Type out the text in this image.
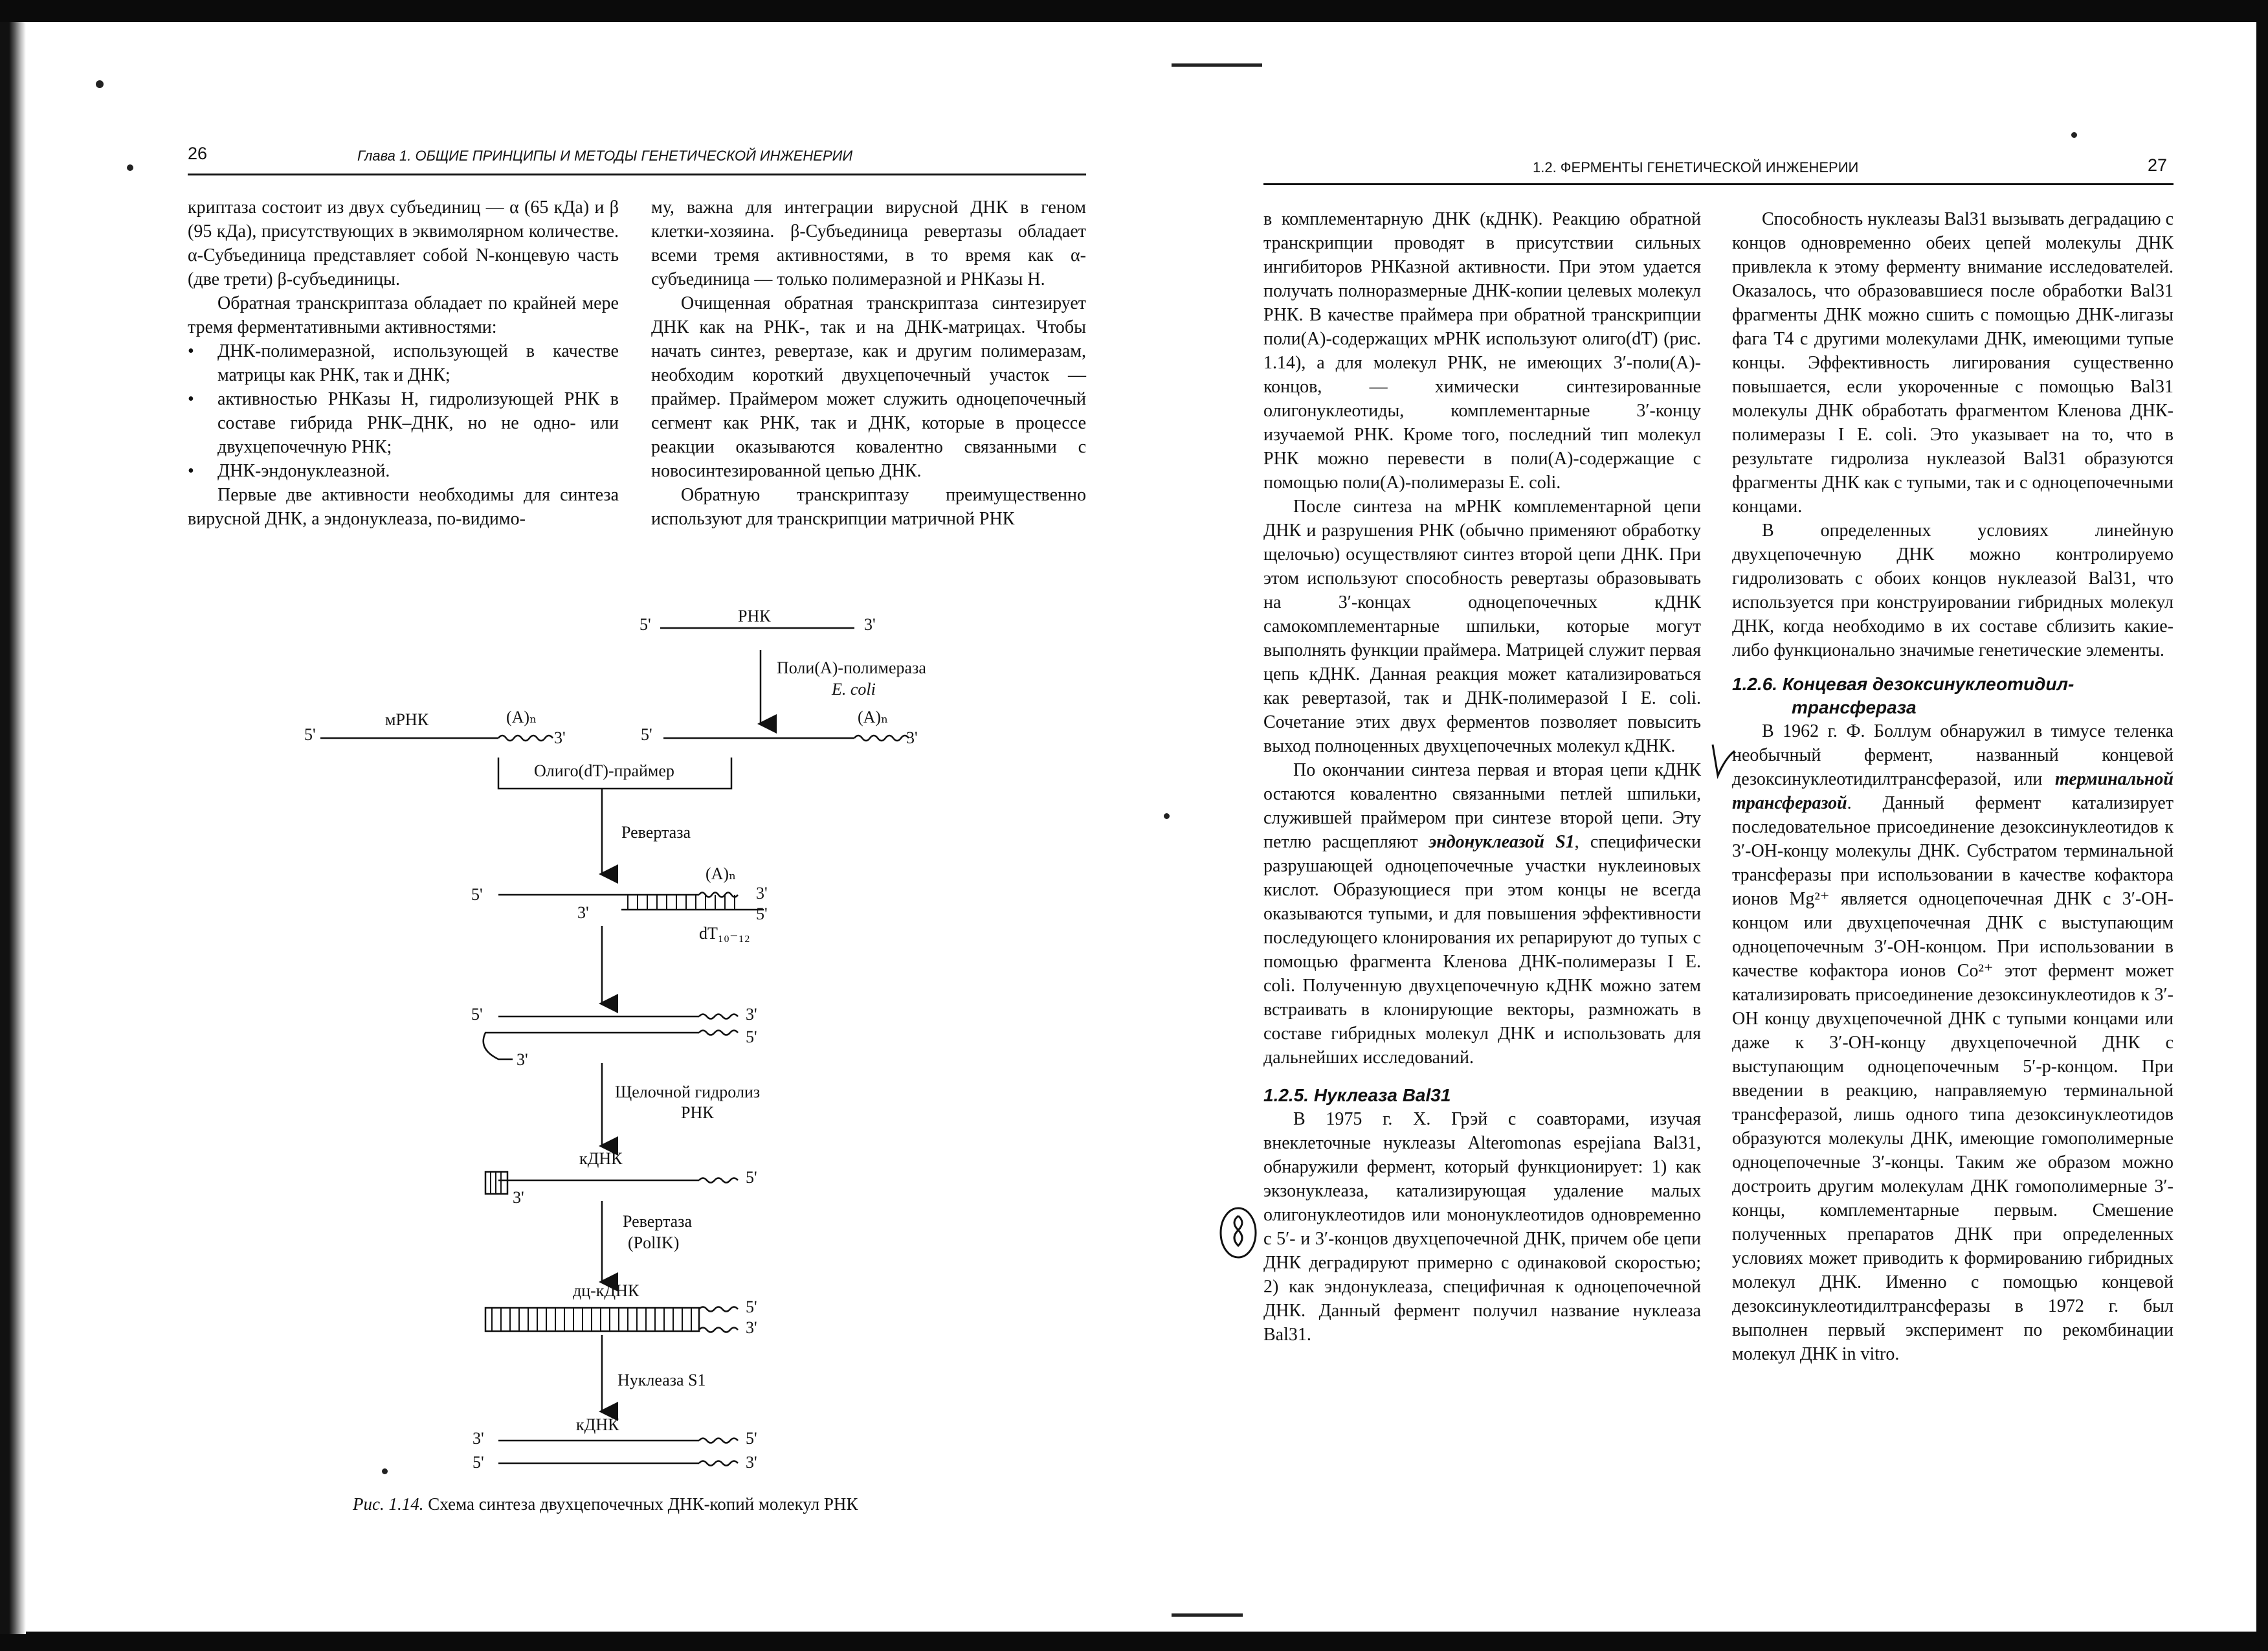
26	Глава 1. ОБЩИЕ ПРИНЦИПЫ И МЕТОДЫ ГЕНЕТИЧЕСКОЙ ИНЖЕНЕРИИ

криптаза состоит из двух субъединиц — α (65 кДа) и β (95 кДа), присутствующих в эквимолярном количестве. α-Субъединица представляет собой N-концевую часть (две трети) β-субъединицы.

Обратная транскриптаза обладает по крайней мере тремя ферментативными активностями:

• ДНК-полимеразной, использующей в качестве матрицы как РНК, так и ДНК;
• активностью РНКазы H, гидролизующей РНК в составе гибрида РНК–ДНК, но не одно- или двухцепочечную РНК;
• ДНК-эндонуклеазной.

Первые две активности необходимы для синтеза вирусной ДНК, а эндонуклеаза, по-видимо-

му, важна для интеграции вирусной ДНК в геном клетки-хозяина. β-Субъединица ревертазы обладает всеми тремя активностями, в то время как α-субъединица — только полимеразной и РНКазы H.

Очищенная обратная транскриптаза синтезирует ДНК как на РНК-, так и на ДНК-матрицах. Чтобы начать синтез, ревертазе, как и другим полимеразам, необходим короткий двухцепочечный участок — праймер. Праймером может служить одноцепочечный сегмент как РНК, так и ДНК, которые в процессе реакции оказываются ковалентно связанными с новосинтезированной цепью ДНК.

Обратную транскриптазу преимущественно используют для транскрипции матричной РНК

5'	РНК	3'
Поли(А)-полимераза
E. coli
мРНК	(A)ₙ	(A)ₙ
5'	3'	5'	3'
Олиго(dT)-праймер
Ревертаза
(A)ₙ
5'	3'
3'	5'
dT₁₀₋₁₂
5'	3'
5'
3'
Щелочной гидролиз
РНК
кДНК
5'
3'
Ревертаза
(PolIK)
дц-кДНК
5'
3'
Нуклеаза S1
кДНК
3'	5'
5'	3'
Рис. 1.14. Схема синтеза двухцепочечных ДНК-копий молекул РНК
1.2. ФЕРМЕНТЫ ГЕНЕТИЧЕСКОЙ ИНЖЕНЕРИИ	27

в комплементарную ДНК (кДНК). Реакцию обратной транскрипции проводят в присутствии сильных ингибиторов РНКазной активности. При этом удается получать полноразмерные ДНК-копии целевых молекул РНК. В качестве праймера при обратной транскрипции поли(А)-содержащих мРНК используют олиго(dT) (рис. 1.14), а для молекул РНК, не имеющих 3′-поли(А)-концов, — химически синтезированные олигонуклеотиды, комплементарные 3′-концу изучаемой РНК. Кроме того, последний тип молекул РНК можно перевести в поли(А)-содержащие с помощью поли(А)-полимеразы E. coli.

После синтеза на мРНК комплементарной цепи ДНК и разрушения РНК (обычно применяют обработку щелочью) осуществляют синтез второй цепи ДНК. При этом используют способность ревертазы образовывать на 3′-концах одноцепочечных кДНК самокомплементарные шпильки, которые могут выполнять функции праймера. Матрицей служит первая цепь кДНК. Данная реакция может катализироваться как ревертазой, так и ДНК-полимеразой I E. coli. Сочетание этих двух ферментов позволяет повысить выход полноценных двухцепочечных молекул кДНК.

По окончании синтеза первая и вторая цепи кДНК остаются ковалентно связанными петлей шпильки, служившей праймером при синтезе второй цепи. Эту петлю расщепляют эндонуклеазой S1, специфически разрушающей одноцепочечные участки нуклеиновых кислот. Образующиеся при этом концы не всегда оказываются тупыми, и для повышения эффективности последующего клонирования их репарируют до тупых с помощью фрагмента Кленова ДНК-полимеразы I E. coli. Полученную двухцепочечную кДНК можно затем встраивать в клонирующие векторы, размножать в составе гибридных молекул ДНК и использовать для дальнейших исследований.

1.2.5. Нуклеаза Bal31

В 1975 г. Х. Грэй с соавторами, изучая внеклеточные нуклеазы Alteromonas espejiana Bal31, обнаружили фермент, который функционирует: 1) как экзонуклеаза, катализирующая удаление малых олигонуклеотидов или мононуклеотидов одновременно с 5′- и 3′-концов двухцепочечной ДНК, причем обе цепи ДНК деградируют примерно с одинаковой скоростью; 2) как эндонуклеаза, специфичная к одноцепочечной ДНК. Данный фермент получил название нуклеаза Bal31.

Способность нуклеазы Bal31 вызывать деградацию с концов одновременно обеих цепей молекулы ДНК привлекла к этому ферменту внимание исследователей. Оказалось, что образовавшиеся после обработки Bal31 фрагменты ДНК можно сшить с помощью ДНК-лигазы фага Т4 с другими молекулами ДНК, имеющими тупые концы. Эффективность лигирования существенно повышается, если укороченные с помощью Bal31 молекулы ДНК обработать фрагментом Кленова ДНК-полимеразы I E. coli. Это указывает на то, что в результате гидролиза нуклеазой Bal31 образуются фрагменты ДНК как с тупыми, так и с одноцепочечными концами.

В определенных условиях линейную двухцепочечную ДНК можно контролируемо гидролизовать с обоих концов нуклеазой Bal31, что используется при конструировании гибридных молекул ДНК, когда необходимо в их составе сблизить какие-либо функционально значимые генетические элементы.

1.2.6. Концевая дезоксинуклеотидил-

трансфераза

В 1962 г. Ф. Боллум обнаружил в тимусе теленка необычный фермент, названный концевой дезоксинуклеотидилтрансферазой, или терминальной трансферазой. Данный фермент катализирует последовательное присоединение дезоксинуклеотидов к 3′-ОН-концу молекулы ДНК. Субстратом терминальной трансферазы при использовании в качестве кофактора ионов Mg²⁺ является одноцепочечная ДНК с 3′-ОН-концом или двухцепочечная ДНК с выступающим одноцепочечным 3′-ОН-концом. При использовании в качестве кофактора ионов Co²⁺ этот фермент может катализировать присоединение дезоксинуклеотидов к 3′-ОН концу двухцепочечной ДНК с тупыми концами или даже к 3′-ОН-концу двухцепочечной ДНК с выступающим одноцепочечным 5′-р-концом. При введении в реакцию, направляемую терминальной трансферазой, лишь одного типа дезоксинуклеотидов образуются молекулы ДНК, имеющие гомополимерные одноцепочечные 3′-концы. Таким же образом можно достроить другим молекулам ДНК гомополимерные 3′-концы, комплементарные первым. Смешение полученных препаратов ДНК при определенных условиях может приводить к формированию гибридных молекул ДНК. Именно с помощью концевой дезоксинуклеотидилтрансферазы в 1972 г. был выполнен первый эксперимент по рекомбинации молекул ДНК in vitro.
